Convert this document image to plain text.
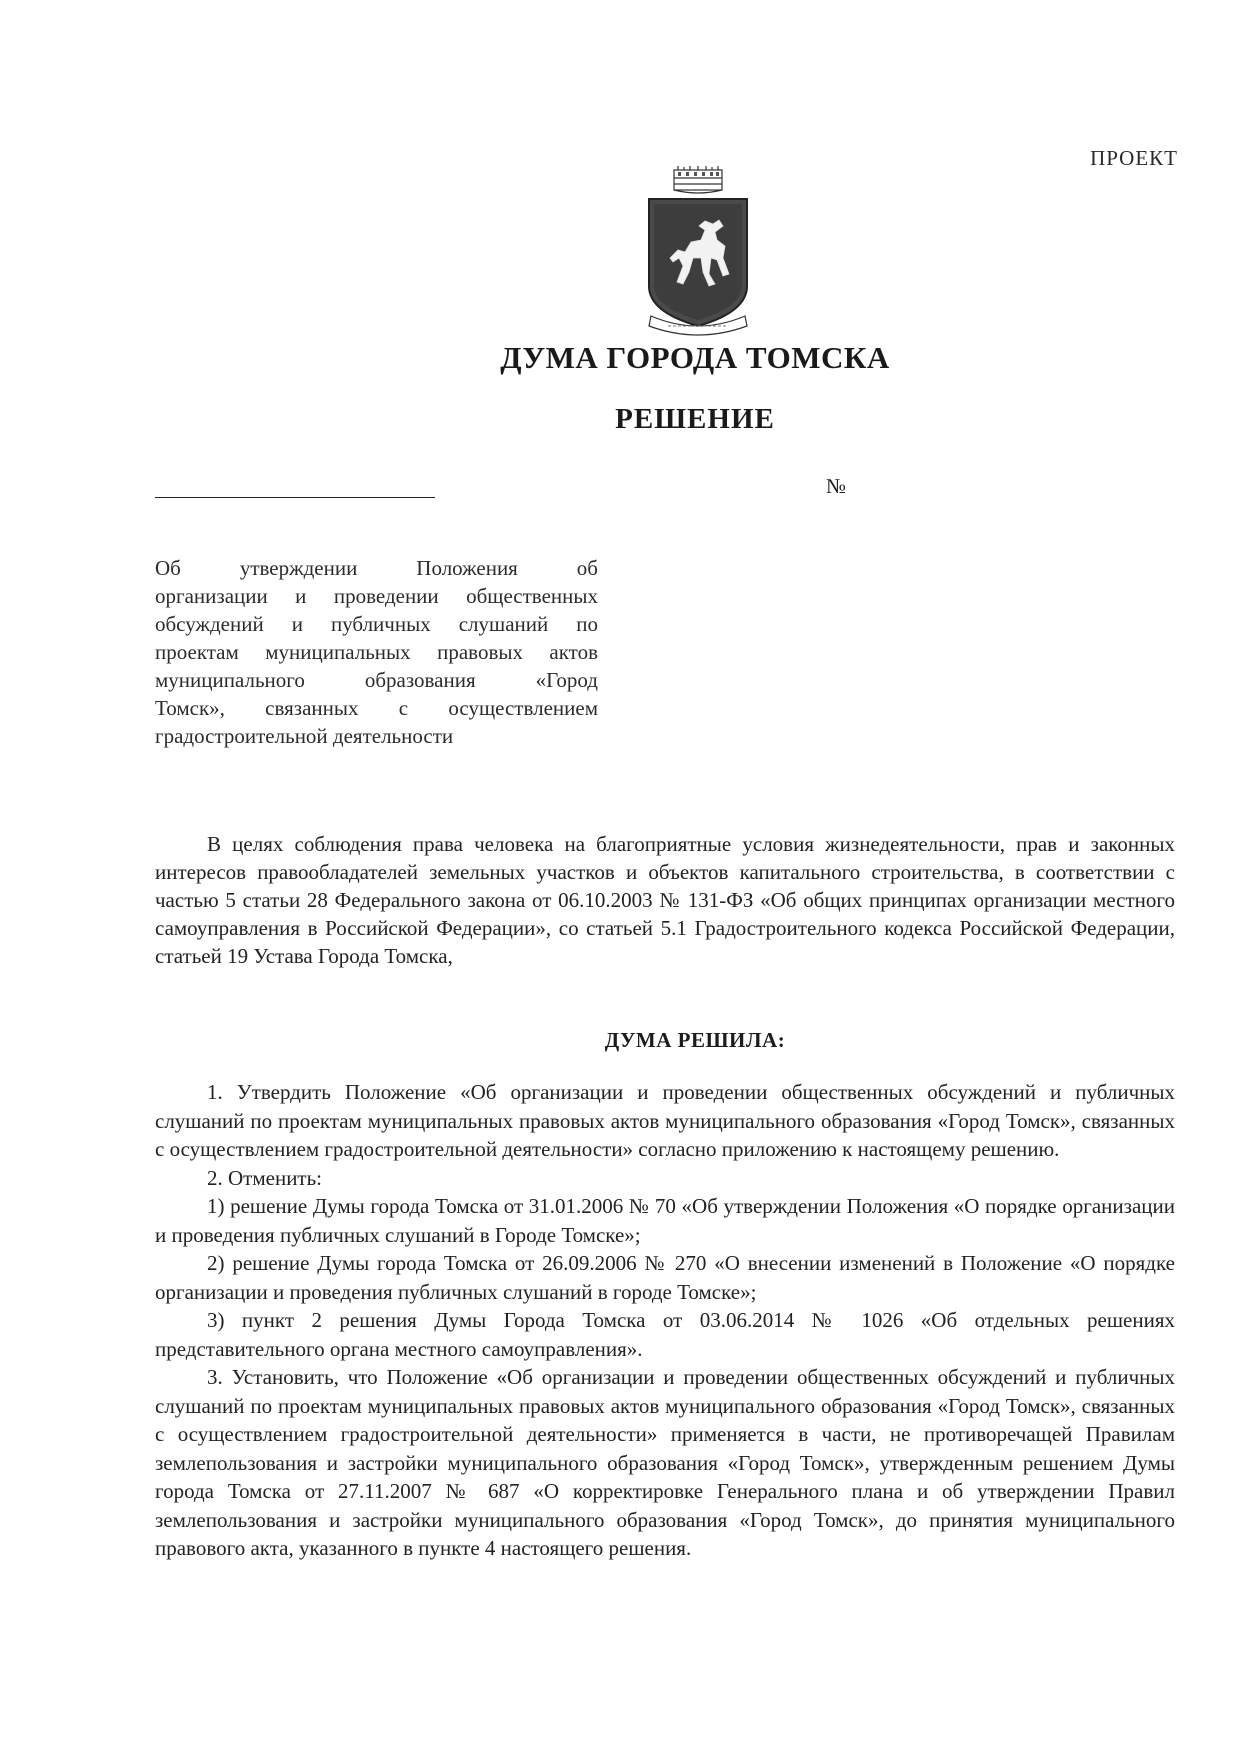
ПРОЕКТ
ДУМА ГОРОДА ТОМСКА
РЕШЕНИЕ
№
Об утверждении Положения об
организации и проведении общественных
обсуждений и публичных слушаний по
проектам муниципальных правовых актов
муниципального образования «Город
Томск», связанных с осуществлением
градостроительной деятельности
В целях соблюдения права человека на благоприятные условия жизнедеятельности, прав и законных интересов правообладателей земельных участков и объектов капитального строительства, в соответствии с частью 5 статьи 28 Федерального закона от 06.10.2003 № 131-ФЗ «Об общих принципах организации местного самоуправления в Российской Федерации», со статьей 5.1 Градостроительного кодекса Российской Федерации, статьей 19 Устава Города Томска,
ДУМА РЕШИЛА:

1. Утвердить Положение «Об организации и проведении общественных обсуждений и публичных слушаний по проектам муниципальных правовых актов муниципального образования «Город Томск», связанных с осуществлением градостроительной деятельности» согласно приложению к настоящему решению.

2. Отменить:

1) решение Думы города Томска от 31.01.2006 № 70 «Об утверждении Положения «О порядке организации и проведения публичных слушаний в Городе Томске»;

2) решение Думы города Томска от 26.09.2006 № 270 «О внесении изменений в Положение «О порядке организации и проведения публичных слушаний в городе Томске»;

3) пункт 2 решения Думы Города Томска от 03.06.2014 № 1026 «Об отдельных решениях представительного органа местного самоуправления».

3. Установить, что Положение «Об организации и проведении общественных обсуждений и публичных слушаний по проектам муниципальных правовых актов муниципального образования «Город Томск», связанных с осуществлением градостроительной деятельности» применяется в части, не противоречащей Правилам землепользования и застройки муниципального образования «Город Томск», утвержденным решением Думы города Томска от 27.11.2007 № 687 «О корректировке Генерального плана и об утверждении Правил землепользования и застройки муниципального образования «Город Томск», до принятия муниципального правового акта, указанного в пункте 4 настоящего решения.
